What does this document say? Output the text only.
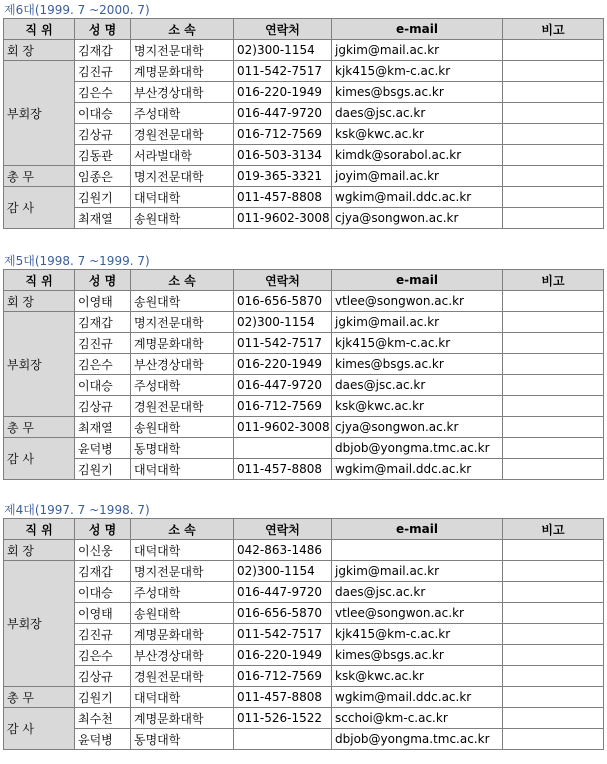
제6대(1999. 7 ~2000. 7)
직 위	성 명	소 속	연락처	e-mail	비고
회 장	김재갑	명지전문대학	02)300-1154	jgkim@mail.ac.kr	
부회장	김진규	계명문화대학	011-542-7517	kjk415@km-c.ac.kr	
	김은수	부산경상대학	016-220-1949	kimes@bsgs.ac.kr	
	이대승	주성대학	016-447-9720	daes@jsc.ac.kr	
	김상규	경원전문대학	016-712-7569	ksk@kwc.ac.kr	
	김동관	서라벌대학	016-503-3134	kimdk@sorabol.ac.kr	
총 무	임종은	명지전문대학	019-365-3321	joyim@mail.ac.kr	
감 사	김원기	대덕대학	011-457-8808	wgkim@mail.ddc.ac.kr	
	최재열	송원대학	011-9602-3008	cjya@songwon.ac.kr	
제5대(1998. 7 ~1999. 7)
직 위	성 명	소 속	연락처	e-mail	비고
회 장	이영태	송원대학	016-656-5870	vtlee@songwon.ac.kr	
부회장	김재갑	명지전문대학	02)300-1154	jgkim@mail.ac.kr	
	김진규	계명문화대학	011-542-7517	kjk415@km-c.ac.kr	
	김은수	부산경상대학	016-220-1949	kimes@bsgs.ac.kr	
	이대승	주성대학	016-447-9720	daes@jsc.ac.kr	
	김상규	경원전문대학	016-712-7569	ksk@kwc.ac.kr	
총 무	최재열	송원대학	011-9602-3008	cjya@songwon.ac.kr	
감 사	윤덕병	동명대학		dbjob@yongma.tmc.ac.kr	
	김원기	대덕대학	011-457-8808	wgkim@mail.ddc.ac.kr	
제4대(1997. 7 ~1998. 7)
직 위	성 명	소 속	연락처	e-mail	비고
회 장	이신웅	대덕대학	042-863-1486		
부회장	김재갑	명지전문대학	02)300-1154	jgkim@mail.ac.kr	
	이대승	주성대학	016-447-9720	daes@jsc.ac.kr	
	이영태	송원대학	016-656-5870	vtlee@songwon.ac.kr	
	김진규	계명문화대학	011-542-7517	kjk415@km-c.ac.kr	
	김은수	부산경상대학	016-220-1949	kimes@bsgs.ac.kr	
	김상규	경원전문대학	016-712-7569	ksk@kwc.ac.kr	
총 무	김원기	대덕대학	011-457-8808	wgkim@mail.ddc.ac.kr	
감 사	최수천	계명문화대학	011-526-1522	scchoi@km-c.ac.kr	
	윤덕병	동명대학		dbjob@yongma.tmc.ac.kr	
